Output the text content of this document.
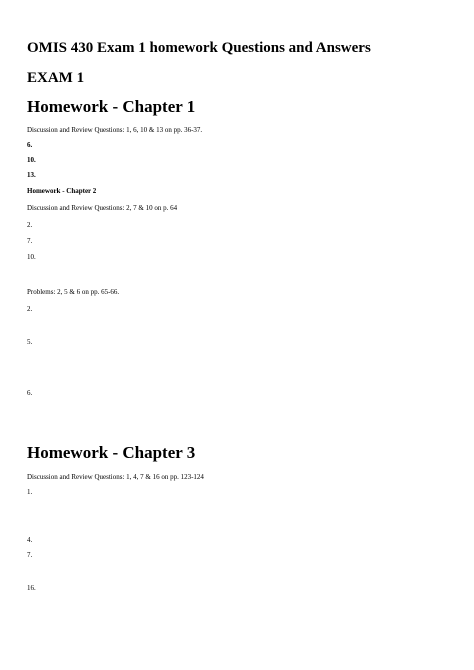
OMIS 430 Exam 1 homework Questions and Answers
EXAM 1
Homework - Chapter 1

Discussion and Review Questions: 1, 6, 10 & 13 on pp. 36-37.

6.

10.

13.

Homework - Chapter 2

Discussion and Review Questions: 2, 7 & 10 on p. 64

2.

7.

10.

Problems: 2, 5 & 6 on pp. 65-66.

2.

5.

6.

Homework - Chapter 3

Discussion and Review Questions: 1, 4, 7 & 16 on pp. 123-124

1.

4.

7.

16.
